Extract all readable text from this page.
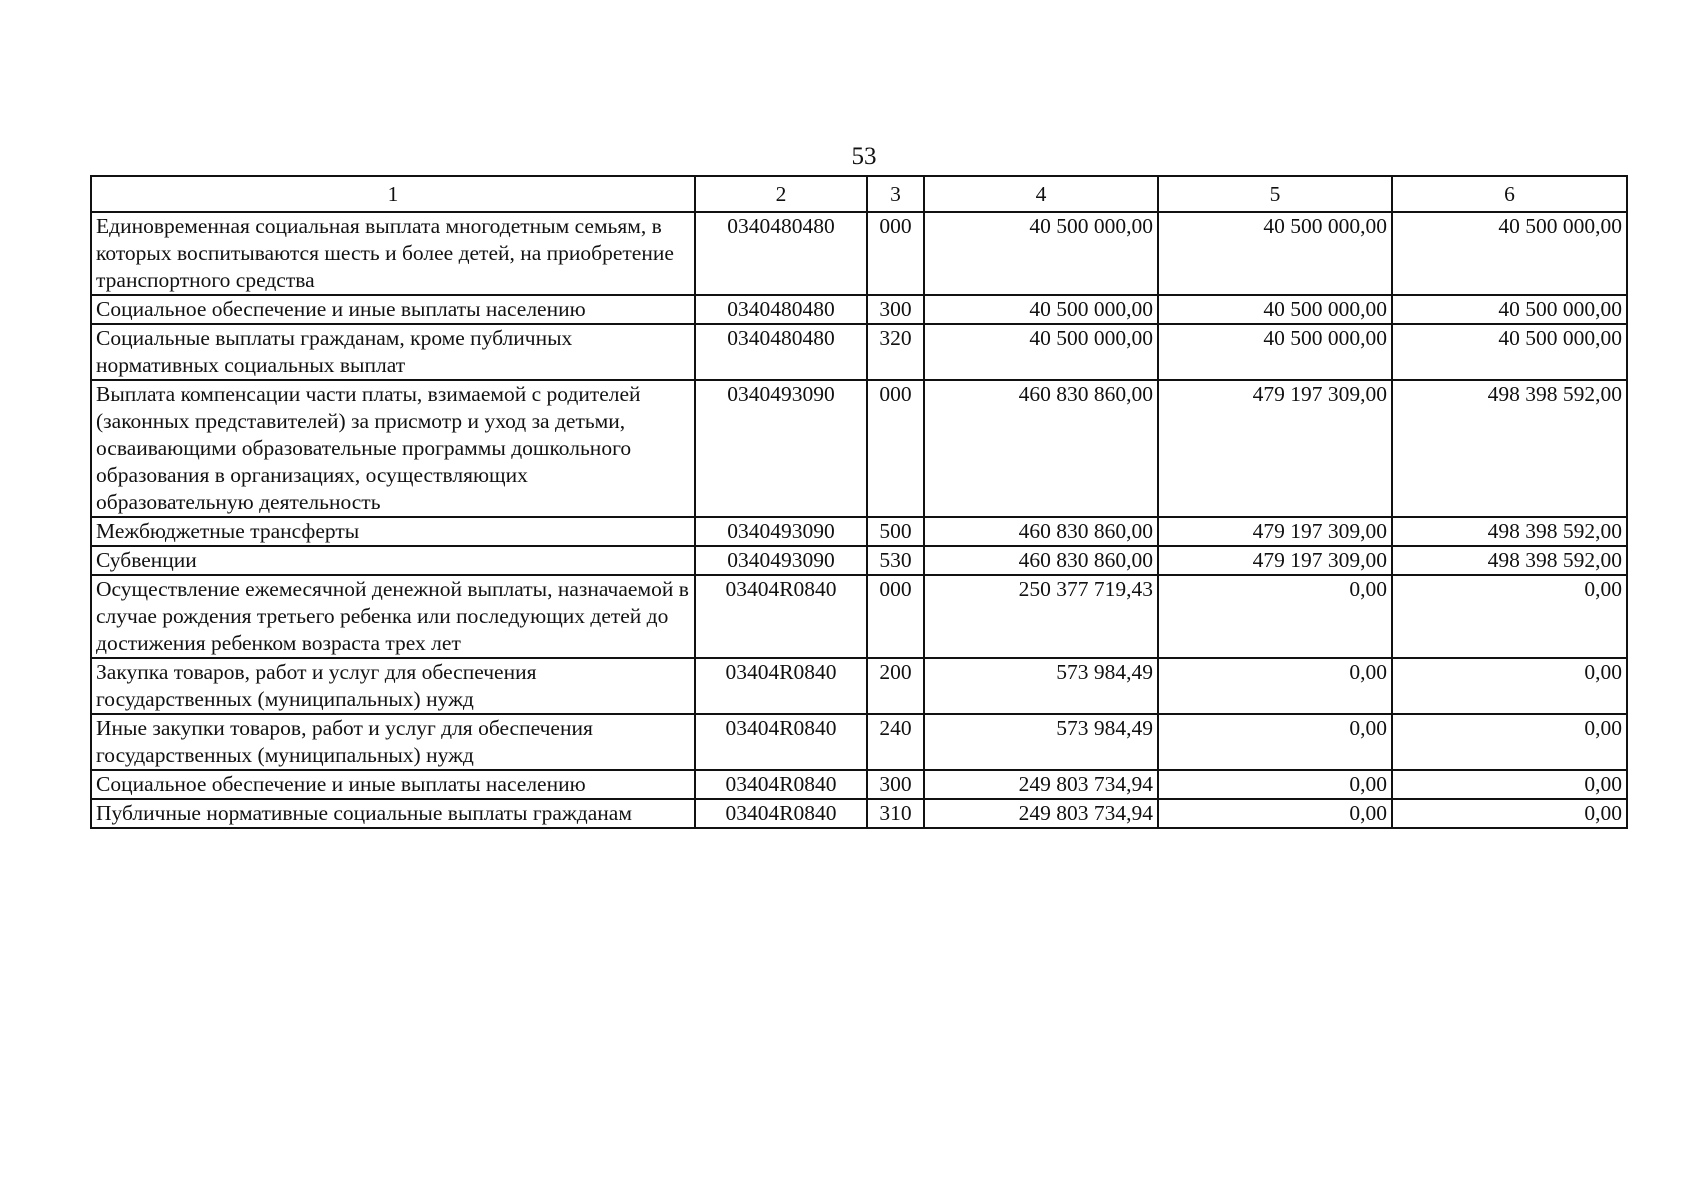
53
1	2	3	4	5	6
Единовременная социальная выплата многодетным семьям, в которых воспитываются шесть и более детей, на приобретение транспортного средства	0340480480	000	40 500 000,00	40 500 000,00	40 500 000,00
Социальное обеспечение и иные выплаты населению	0340480480	300	40 500 000,00	40 500 000,00	40 500 000,00
Социальные выплаты гражданам, кроме публичных нормативных социальных выплат	0340480480	320	40 500 000,00	40 500 000,00	40 500 000,00
Выплата компенсации части платы, взимаемой с родителей (законных представителей) за присмотр и уход за детьми, осваивающими образовательные программы дошкольного образования в организациях, осуществляющих образовательную деятельность	0340493090	000	460 830 860,00	479 197 309,00	498 398 592,00
Межбюджетные трансферты	0340493090	500	460 830 860,00	479 197 309,00	498 398 592,00
Субвенции	0340493090	530	460 830 860,00	479 197 309,00	498 398 592,00
Осуществление ежемесячной денежной выплаты, назначаемой в случае рождения третьего ребенка или последующих детей до достижения ребенком возраста трех лет	03404R0840	000	250 377 719,43	0,00	0,00
Закупка товаров, работ и услуг для обеспечения государственных (муниципальных) нужд	03404R0840	200	573 984,49	0,00	0,00
Иные закупки товаров, работ и услуг для обеспечения государственных (муниципальных) нужд	03404R0840	240	573 984,49	0,00	0,00
Социальное обеспечение и иные выплаты населению	03404R0840	300	249 803 734,94	0,00	0,00
Публичные нормативные социальные выплаты гражданам	03404R0840	310	249 803 734,94	0,00	0,00
